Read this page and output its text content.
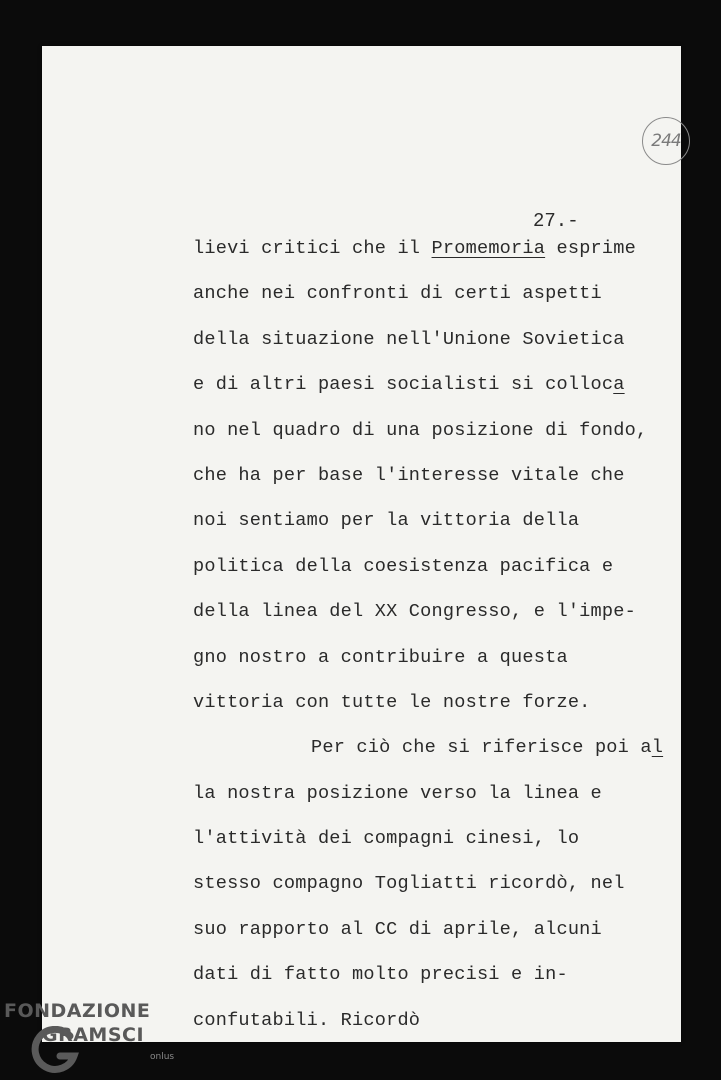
244
27.-
lievi critici che il Promemoria esprime
anche nei confronti di certi aspetti
della situazione nell'Unione Sovietica
e di altri paesi socialisti si colloca
no nel quadro di una posizione di fondo,
che ha per base l'interesse vitale che
noi sentiamo per la vittoria della
politica della coesistenza pacifica e
della linea del XX Congresso, e l'impe-
gno nostro a contribuire a questa
vittoria con tutte le nostre forze.
Per ciò che si riferisce poi al
la nostra posizione verso la linea e
l'attività dei compagni cinesi, lo
stesso compagno Togliatti ricordò, nel
suo rapporto al CC di aprile, alcuni
dati di fatto molto precisi e in-
confutabili. Ricordò
FONDAZIONE
GRAMSCI
onlus
